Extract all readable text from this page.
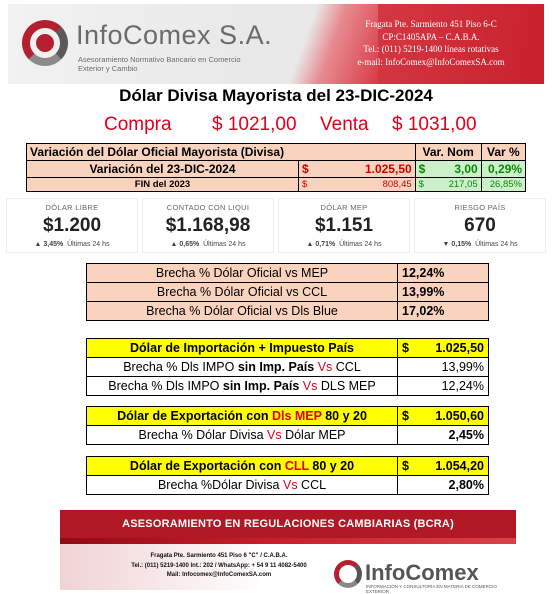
InfoComex S.A.
Asesoramiento Normativo Bancario en Comercio Exterior y Cambio
Fragata Pte. Sarmiento 451 Piso 6-C
CP:C1405APA – C.A.B.A.
Tel.: (011) 5219-1400 líneas rotativas
e-mail: InfoComex@InfoComexSA.com
Dólar Divisa Mayorista del 23-DIC-2024
Compra $ 1021,00 Venta $ 1031,00
Variación del Dólar Oficial Mayorista (Divisa)		Var. Nom	Var %
Variación del 23-DIC-2024	$ 1.025,50	$ 3,00	0,29%
FIN del 2023	$ 808,45	$ 217,05	26,85%
DÓLAR LIBRE
$1.200
▲ 3,45% Últimas 24 hs
CONTADO CON LIQUI
$1.168,98
▲ 0,65% Últimas 24 hs
DÓLAR MEP
$1.151
▲ 0,71% Últimas 24 hs
RIESGO PAÍS
670
▼ 0,15% Últimas 24 hs
Brecha % Dólar Oficial vs MEP	12,24%
Brecha % Dólar Oficial vs CCL	13,99%
Brecha % Dólar Oficial vs Dls Blue	17,02%
Dólar de Importación + Impuesto País	$ 1.025,50

Brecha % Dls IMPO sin Imp. País Vs CCL	13,99%
Brecha % Dls IMPO sin Imp. País Vs DLS MEP	12,24%
Dólar de Exportación con Dls MEP 80 y 20	$ 1.050,60

Brecha % Dólar Divisa Vs Dólar MEP	2,45%
Dólar de Exportación con CLL 80 y 20	$ 1.054,20

Brecha %Dólar Divisa Vs CCL	2,80%
ASESORAMIENTO EN REGULACIONES CAMBIARIAS (BCRA)
Fragata Pte. Sarmiento 451 Piso 6 "C" / C.A.B.A.
Tel.: (011) 5219-1400 Int.: 202 / WhatsApp: + 54 9 11 4082-5400
Mail: Infocomex@InfoComexSA.com	InfoComex
INFORMACIÓN Y CONSULTORÍA EN MATERIA DE COMERCIO EXTERIOR
